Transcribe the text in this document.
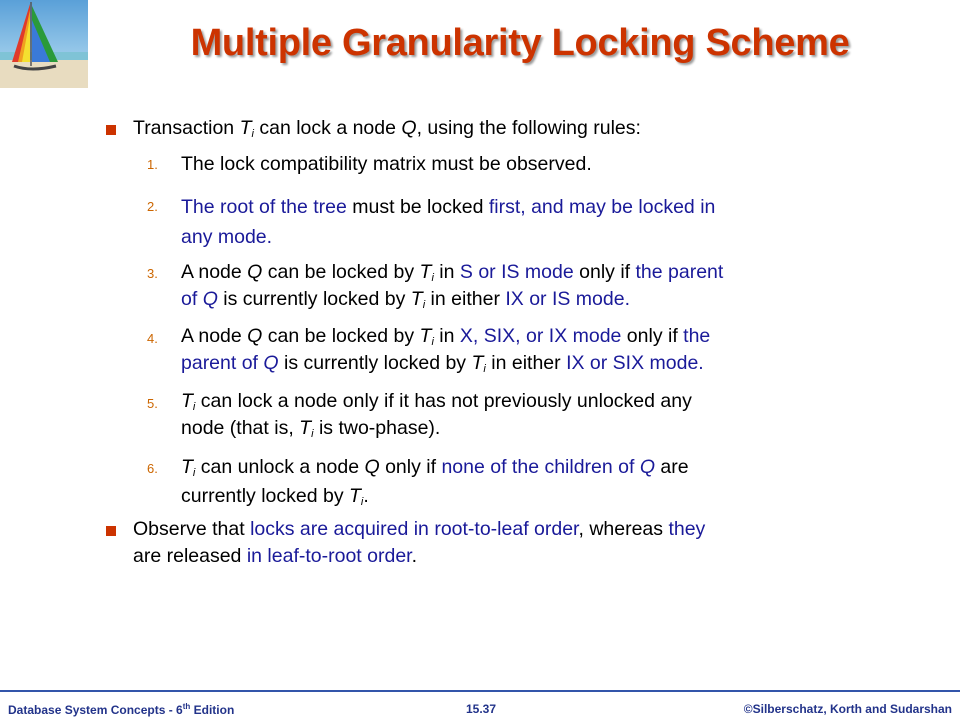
Multiple Granularity Locking Scheme
Transaction $T_i$ can lock a node Q, using the following rules:
1. The lock compatibility matrix must be observed.
2. The root of the tree must be locked first, and may be locked in
any mode.
3. A node Q can be locked by $T_i$ in S or IS mode only if the parent
of Q is currently locked by $T_i$ in either IX or IS mode.
4. A node Q can be locked by $T_i$ in X, SIX, or IX mode only if the
parent of Q is currently locked by $T_i$ in either IX or SIX mode.
5. $T_i$ can lock a node only if it has not previously unlocked any
node (that is, $T_i$ is two-phase).
6. $T_i$ can unlock a node Q only if none of the children of Q are
currently locked by $T_i$.
Observe that locks are acquired in root-to-leaf order, whereas they
are released in leaf-to-root order.
Database System Concepts - 6th Edition	15.37	©Silberschatz, Korth and Sudarshan
